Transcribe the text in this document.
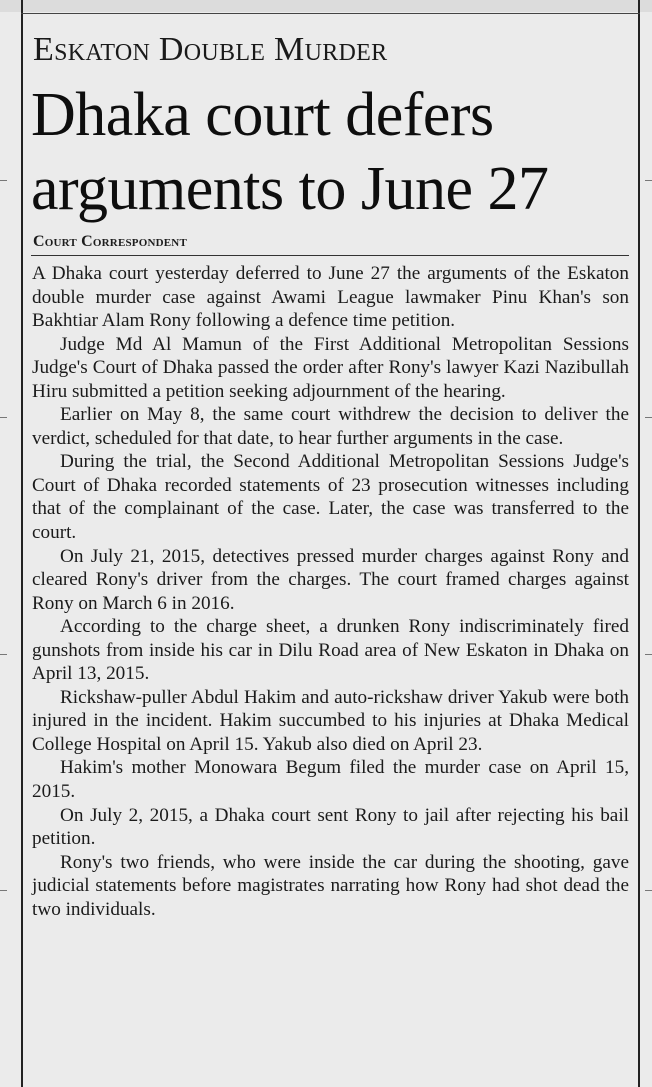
Eskaton Double Murder
Dhaka court defers arguments to June 27
Court Correspondent

A Dhaka court yesterday deferred to June 27 the arguments of the Eskaton double murder case against Awami League lawmaker Pinu Khan's son Bakhtiar Alam Rony following a defence time petition.

Judge Md Al Mamun of the First Additional Metropolitan Sessions Judge's Court of Dhaka passed the order after Rony's lawyer Kazi Nazibullah Hiru submitted a petition seeking adjournment of the hearing.

Earlier on May 8, the same court withdrew the decision to deliver the verdict, scheduled for that date, to hear further arguments in the case.

During the trial, the Second Additional Metropolitan Sessions Judge's Court of Dhaka recorded statements of 23 prosecution witnesses including that of the complainant of the case. Later, the case was transferred to the court.

On July 21, 2015, detectives pressed murder charges against Rony and cleared Rony's driver from the charges. The court framed charges against Rony on March 6 in 2016.

According to the charge sheet, a drunken Rony indiscriminately fired gunshots from inside his car in Dilu Road area of New Eskaton in Dhaka on April 13, 2015.

Rickshaw-puller Abdul Hakim and auto-rickshaw driver Yakub were both injured in the incident. Hakim succumbed to his injuries at Dhaka Medical College Hospital on April 15. Yakub also died on April 23.

Hakim's mother Monowara Begum filed the murder case on April 15, 2015.

On July 2, 2015, a Dhaka court sent Rony to jail after rejecting his bail petition.

Rony's two friends, who were inside the car during the shooting, gave judicial statements before magistrates narrating how Rony had shot dead the two individuals.
